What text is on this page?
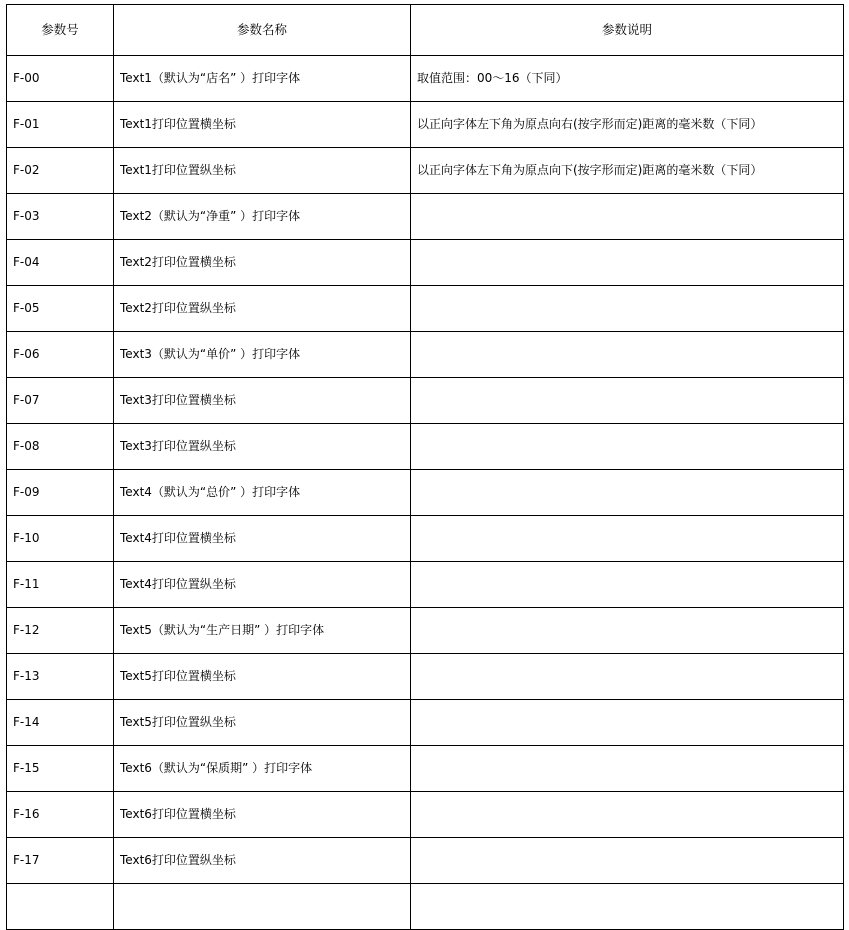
参数号	参数名称	参数说明
F-00	Text1（默认为“店名” ）打印字体	取值范围：00～16（下同）
F-01	Text1打印位置横坐标	以正向字体左下角为原点向右(按字形而定)距离的毫米数（下同）
F-02	Text1打印位置纵坐标	以正向字体左下角为原点向下(按字形而定)距离的毫米数（下同）
F-03	Text2（默认为“净重” ）打印字体	
F-04	Text2打印位置横坐标	
F-05	Text2打印位置纵坐标	
F-06	Text3（默认为“单价” ）打印字体	
F-07	Text3打印位置横坐标	
F-08	Text3打印位置纵坐标	
F-09	Text4（默认为“总价” ）打印字体	
F-10	Text4打印位置横坐标	
F-11	Text4打印位置纵坐标	
F-12	Text5（默认为“生产日期” ）打印字体	
F-13	Text5打印位置横坐标	
F-14	Text5打印位置纵坐标	
F-15	Text6（默认为“保质期” ）打印字体	
F-16	Text6打印位置横坐标	
F-17	Text6打印位置纵坐标	
